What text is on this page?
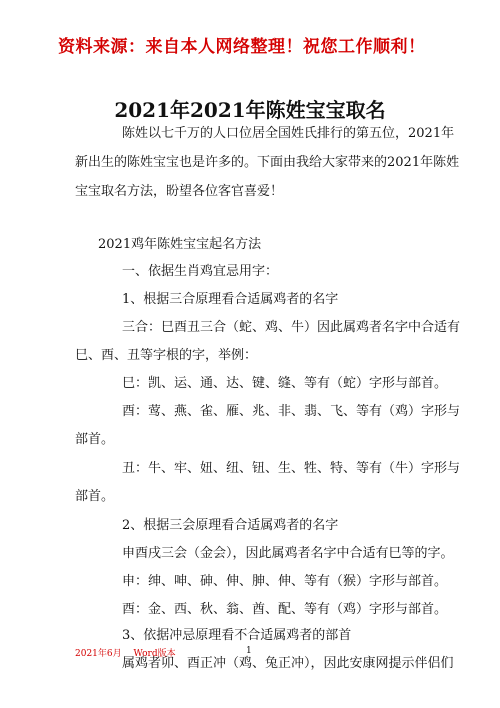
资料来源：来自本人网络整理！祝您工作顺利！
2021年2021年陈姓宝宝取名
陈姓以七千万的人口位居全国姓氏排行的第五位，2021年
新出生的陈姓宝宝也是许多的。下面由我给大家带来的2021年陈姓
宝宝取名方法，盼望各位客官喜爱！
2021鸡年陈姓宝宝起名方法
一、依据生肖鸡宜忌用字：
1、根据三合原理看合适属鸡者的名字
三合：巳酉丑三合（蛇、鸡、牛）因此属鸡者名字中合适有
巳、酉、丑等字根的字，举例：
巳：凯、运、通、达、键、缝、等有（蛇）字形与部首。
酉：莺、燕、雀、雁、兆、非、翡、飞、等有（鸡）字形与
部首。
丑：牛、牢、妞、纽、钮、生、牲、特、等有（牛）字形与
部首。
2、根据三会原理看合适属鸡者的名字
申酉戌三会（金会），因此属鸡者名字中合适有巳等的字。
申：绅、呻、砷、伸、胂、伸、等有（猴）字形与部首。
酉：金、西、秋、翁、酋、配、等有（鸡）字形与部首。
3、依据冲忌原理看不合适属鸡者的部首
属鸡者卯、酉正冲（鸡、兔正冲），因此安康网提示伴侣们
2021年6月　 Word版本	1
